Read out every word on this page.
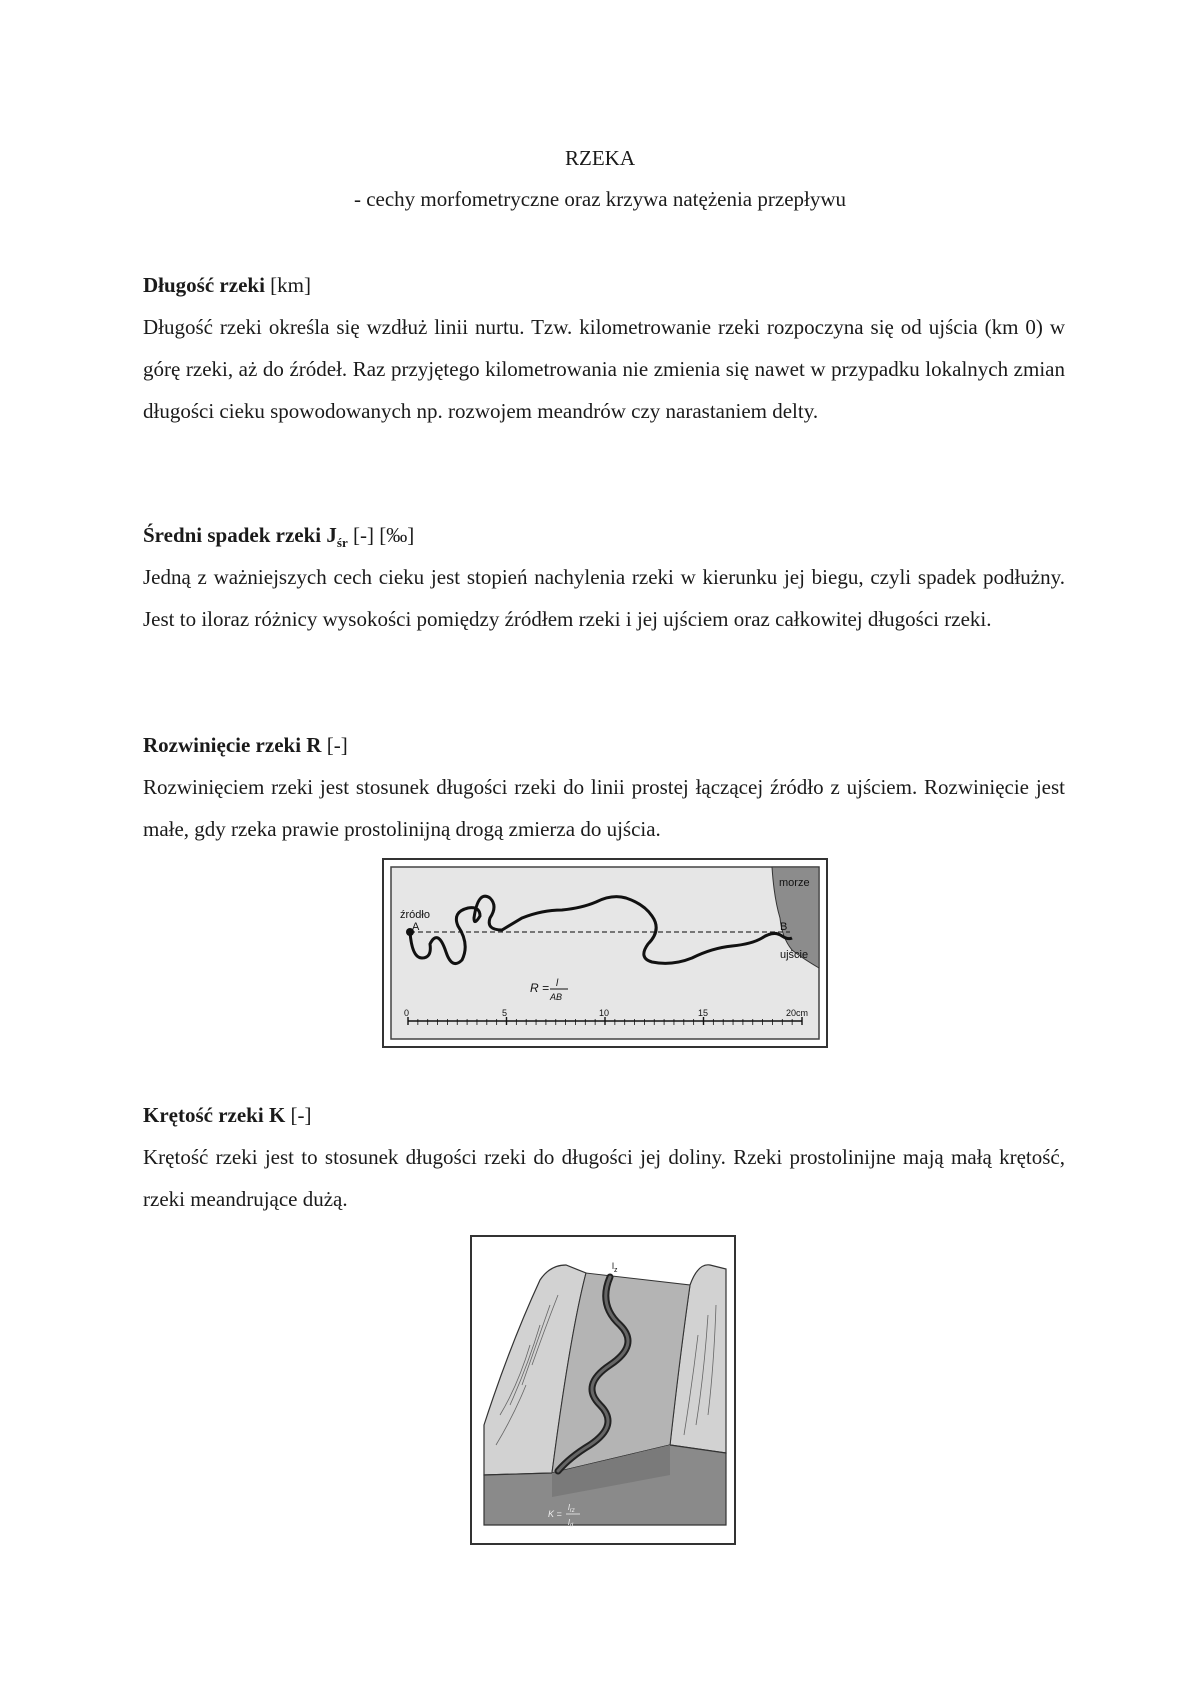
RZEKA
- cechy morfometryczne oraz krzywa natężenia przepływu
Długość rzeki [km]
Długość rzeki określa się wzdłuż linii nurtu. Tzw. kilometrowanie rzeki rozpoczyna się od ujścia (km 0) w górę rzeki, aż do źródeł. Raz przyjętego kilometrowania nie zmienia się nawet w przypadku lokalnych zmian długości cieku spowodowanych np. rozwojem meandrów czy narastaniem delty.
Średni spadek rzeki $J_{śr}$ [-] [‰]
Jedną z ważniejszych cech cieku jest stopień nachylenia rzeki w kierunku jej biegu, czyli spadek podłużny. Jest to iloraz różnicy wysokości pomiędzy źródłem rzeki i jej ujściem oraz całkowitej długości rzeki.
Rozwinięcie rzeki R [-]
Rozwinięciem rzeki jest stosunek długości rzeki do linii prostej łączącej źródło z ujściem. Rozwinięcie jest małe, gdy rzeka prawie prostolinijną drogą zmierza do ujścia.
źródło
A	B
morze
ujście
R = l
AB
0	5	10	15	20cm
Krętość rzeki K [-]
Krętość rzeki jest to stosunek długości rzeki do długości jej doliny. Rzeki prostolinijne mają małą krętość, rzeki meandrujące dużą.
$l_z$
K =
$l_{rz}$
$l_d$
